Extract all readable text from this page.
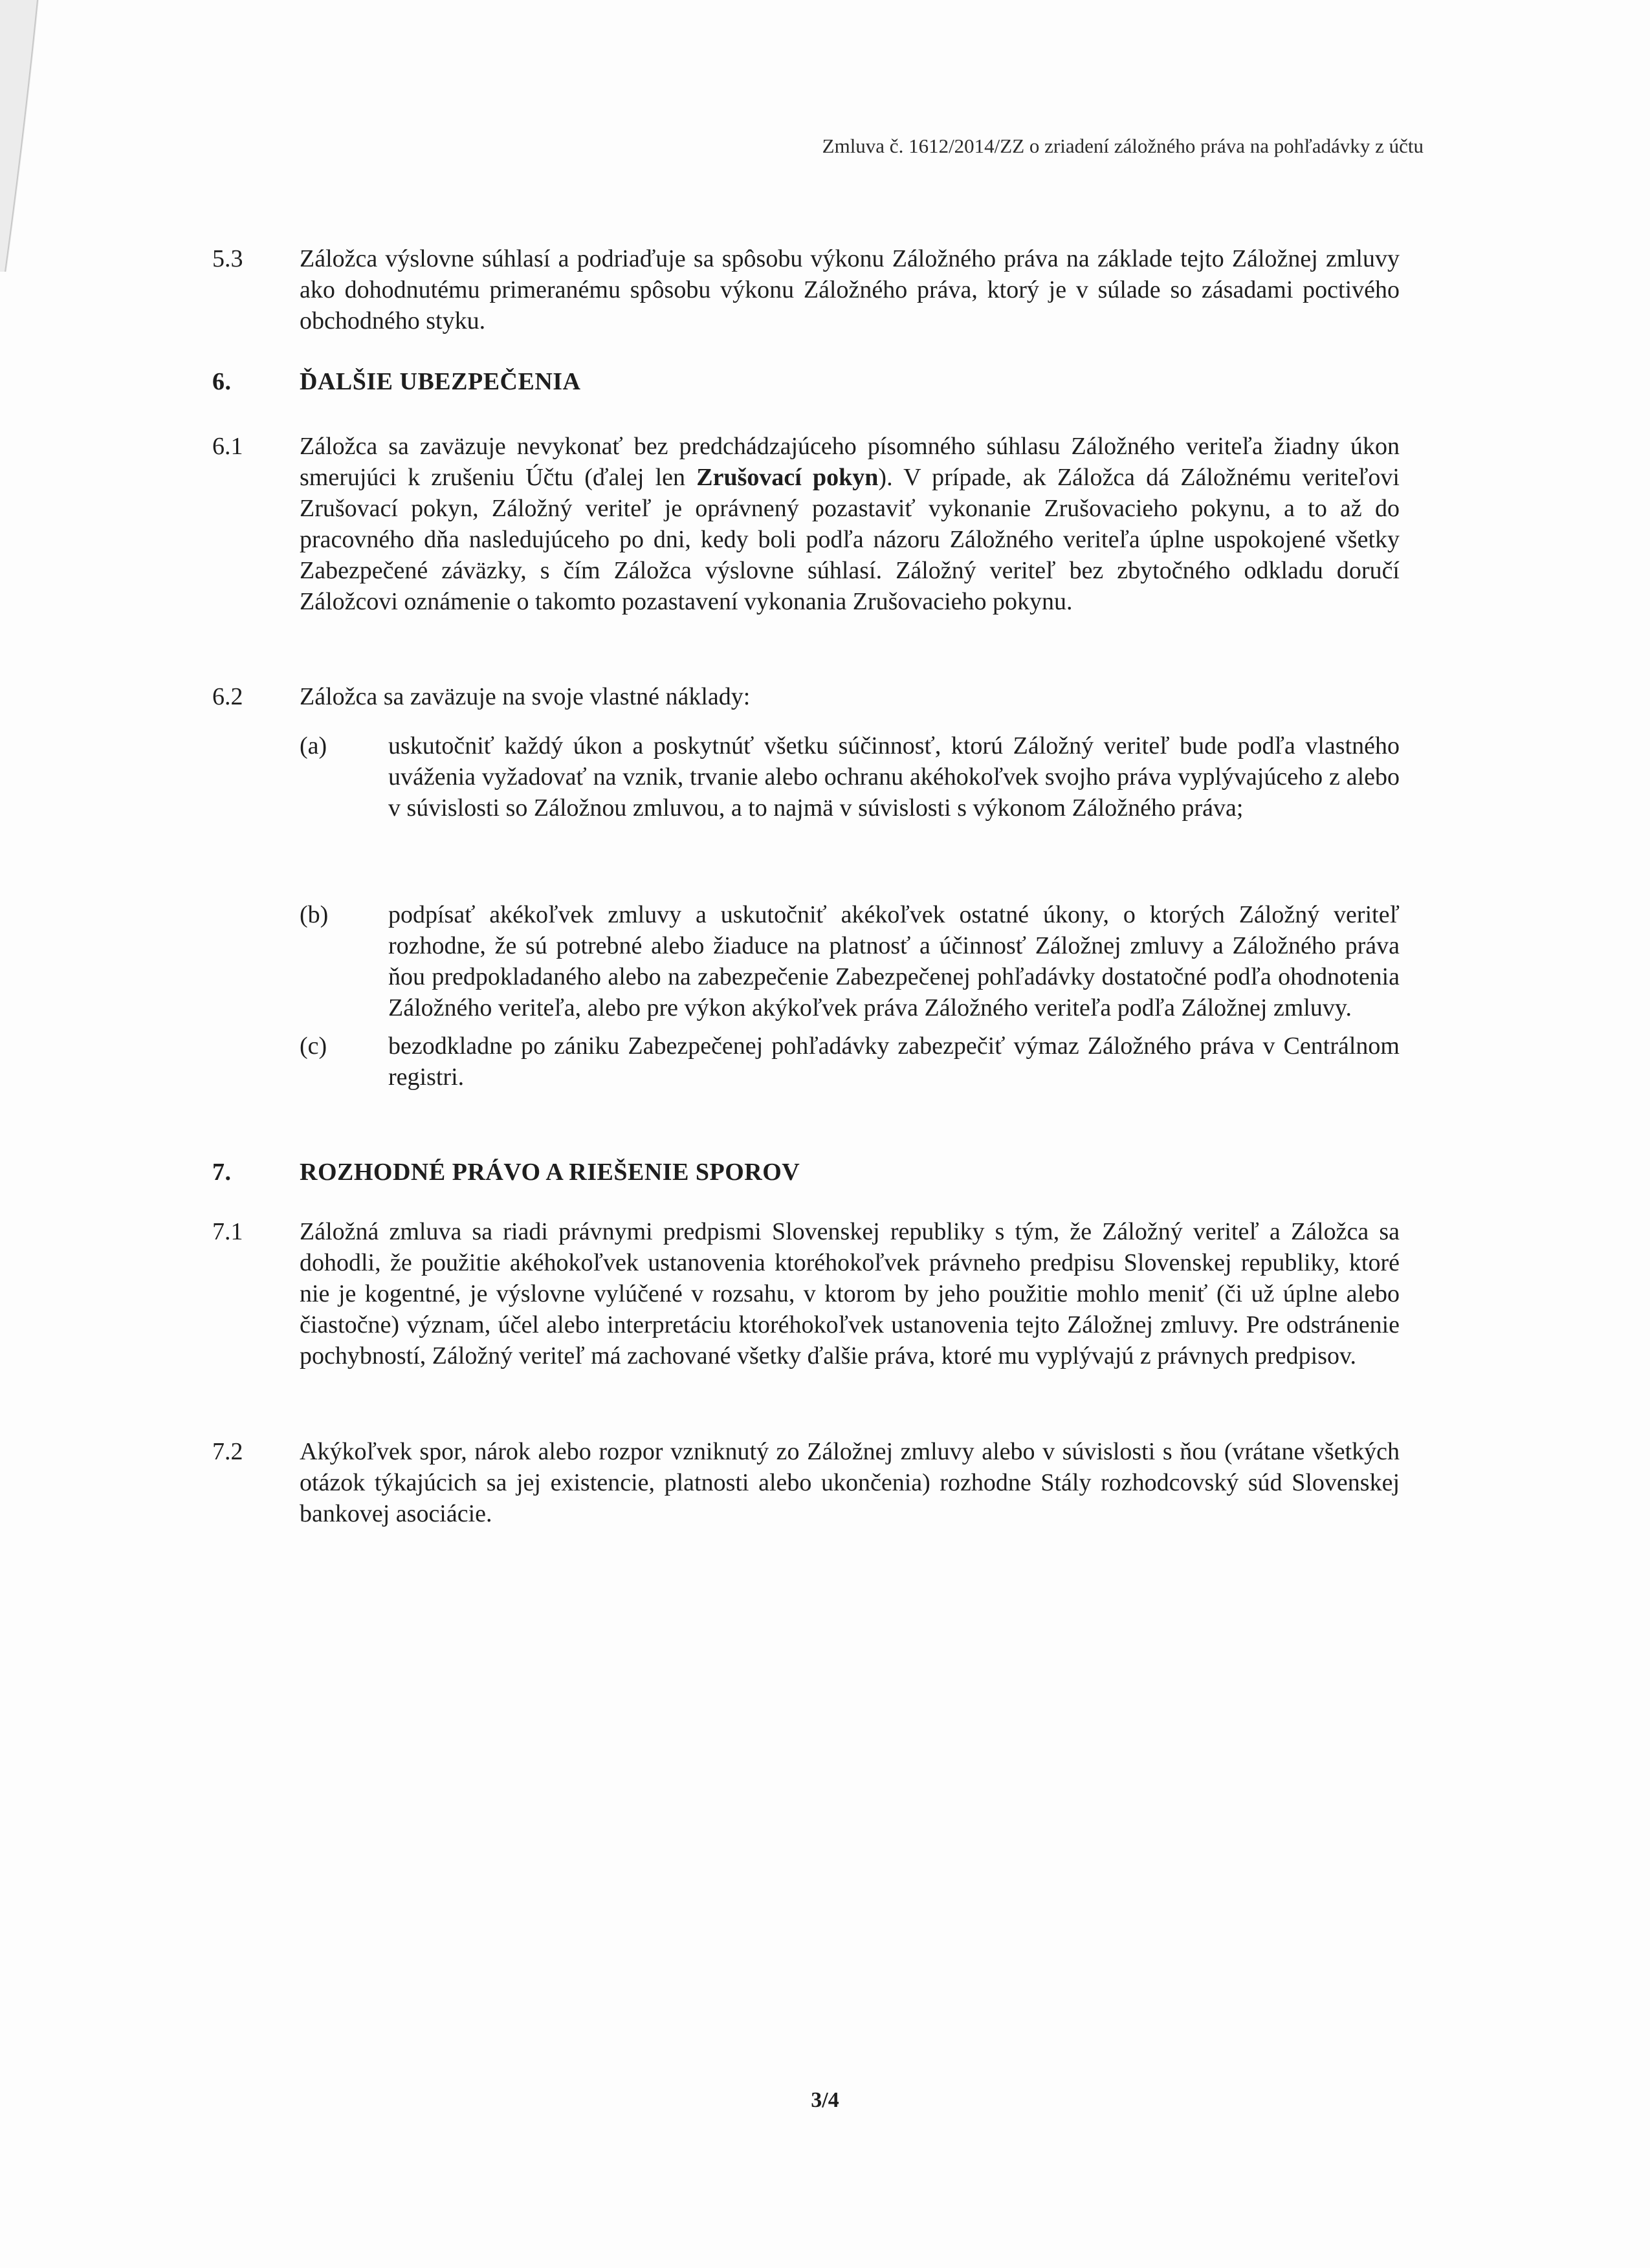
Zmluva č. 1612/2014/ZZ o zriadení záložného práva na pohľadávky z účtu
5.3 Záložca výslovne súhlasí a podriaďuje sa spôsobu výkonu Záložného práva na základe tejto Záložnej zmluvy ako dohodnutému primeranému spôsobu výkonu Záložného práva, ktorý je v súlade so zásadami poctivého obchodného styku.
6.	ĎALŠIE UBEZPEČENIA
6.1 Záložca sa zaväzuje nevykonať bez predchádzajúceho písomného súhlasu Záložného veriteľa žiadny úkon smerujúci k zrušeniu Účtu (ďalej len Zrušovací pokyn). V prípade, ak Záložca dá Záložnému veriteľovi Zrušovací pokyn, Záložný veriteľ je oprávnený pozastaviť vykonanie Zrušovacieho pokynu, a to až do pracovného dňa nasledujúceho po dni, kedy boli podľa názoru Záložného veriteľa úplne uspokojené všetky Zabezpečené záväzky, s čím Záložca výslovne súhlasí. Záložný veriteľ bez zbytočného odkladu doručí Záložcovi oznámenie o takomto pozastavení vykonania Zrušovacieho pokynu.
6.2 Záložca sa zaväzuje na svoje vlastné náklady:
(a) uskutočniť každý úkon a poskytnúť všetku súčinnosť, ktorú Záložný veriteľ bude podľa vlastného uváženia vyžadovať na vznik, trvanie alebo ochranu akéhokoľvek svojho práva vyplývajúceho z alebo v súvislosti so Záložnou zmluvou, a to najmä v súvislosti s výkonom Záložného práva;
(b) podpísať akékoľvek zmluvy a uskutočniť akékoľvek ostatné úkony, o ktorých Záložný veriteľ rozhodne, že sú potrebné alebo žiaduce na platnosť a účinnosť Záložnej zmluvy a Záložného práva ňou predpokladaného alebo na zabezpečenie Zabezpečenej pohľadávky dostatočné podľa ohodnotenia Záložného veriteľa, alebo pre výkon akýkoľvek práva Záložného veriteľa podľa Záložnej zmluvy.
(c) bezodkladne po zániku Zabezpečenej pohľadávky zabezpečiť výmaz Záložného práva v Centrálnom registri.
7.	ROZHODNÉ PRÁVO A RIEŠENIE SPOROV
7.1 Záložná zmluva sa riadi právnymi predpismi Slovenskej republiky s tým, že Záložný veriteľ a Záložca sa dohodli, že použitie akéhokoľvek ustanovenia ktoréhokoľvek právneho predpisu Slovenskej republiky, ktoré nie je kogentné, je výslovne vylúčené v rozsahu, v ktorom by jeho použitie mohlo meniť (či už úplne alebo čiastočne) význam, účel alebo interpretáciu ktoréhokoľvek ustanovenia tejto Záložnej zmluvy. Pre odstránenie pochybností, Záložný veriteľ má zachované všetky ďalšie práva, ktoré mu vyplývajú z právnych predpisov.
7.2 Akýkoľvek spor, nárok alebo rozpor vzniknutý zo Záložnej zmluvy alebo v súvislosti s ňou (vrátane všetkých otázok týkajúcich sa jej existencie, platnosti alebo ukončenia) rozhodne Stály rozhodcovský súd Slovenskej bankovej asociácie.
3/4
